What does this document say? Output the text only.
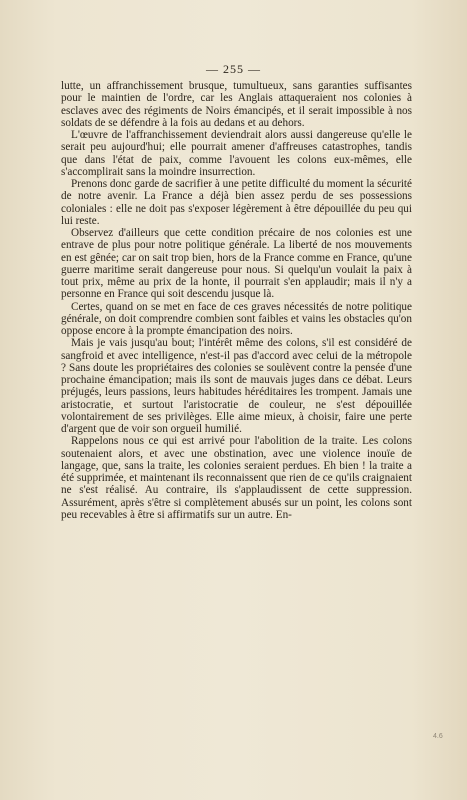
— 255 —

lutte, un affranchissement brusque, tumultueux, sans garanties suffisantes pour le maintien de l'ordre, car les Anglais attaqueraient nos colonies à esclaves avec des régiments de Noirs émancipés, et il serait impossible à nos soldats de se défendre à la fois au dedans et au dehors.

L'œuvre de l'affranchissement deviendrait alors aussi dangereuse qu'elle le serait peu aujourd'hui; elle pourrait amener d'affreuses catastrophes, tandis que dans l'état de paix, comme l'avouent les colons eux-mêmes, elle s'accomplirait sans la moindre insurrection.

Prenons donc garde de sacrifier à une petite difficulté du moment la sécurité de notre avenir. La France a déjà bien assez perdu de ses possessions coloniales : elle ne doit pas s'exposer légèrement à être dépouillée du peu qui lui reste.

Observez d'ailleurs que cette condition précaire de nos colonies est une entrave de plus pour notre politique générale. La liberté de nos mouvements en est gênée; car on sait trop bien, hors de la France comme en France, qu'une guerre maritime serait dangereuse pour nous. Si quelqu'un voulait la paix à tout prix, même au prix de la honte, il pourrait s'en applaudir; mais il n'y a personne en France qui soit descendu jusque là.

Certes, quand on se met en face de ces graves nécessités de notre politique générale, on doit comprendre combien sont faibles et vains les obstacles qu'on oppose encore à la prompte émancipation des noirs.

Mais je vais jusqu'au bout; l'intérêt même des colons, s'il est considéré de sangfroid et avec intelligence, n'est-il pas d'accord avec celui de la métropole ? Sans doute les propriétaires des colonies se soulèvent contre la pensée d'une prochaine émancipation; mais ils sont de mauvais juges dans ce débat. Leurs préjugés, leurs passions, leurs habitudes héréditaires les trompent. Jamais une aristocratie, et surtout l'aristocratie de couleur, ne s'est dépouillée volontairement de ses privilèges. Elle aime mieux, à choisir, faire une perte d'argent que de voir son orgueil humilié.

Rappelons nous ce qui est arrivé pour l'abolition de la traite. Les colons soutenaient alors, et avec une obstination, avec une violence inouïe de langage, que, sans la traite, les colonies seraient perdues. Eh bien ! la traite a été supprimée, et maintenant ils reconnaissent que rien de ce qu'ils craignaient ne s'est réalisé. Au contraire, ils s'applaudissent de cette suppression. Assurément, après s'être si complètement abusés sur un point, les colons sont peu recevables à être si affirmatifs sur un autre. En-

4.6
